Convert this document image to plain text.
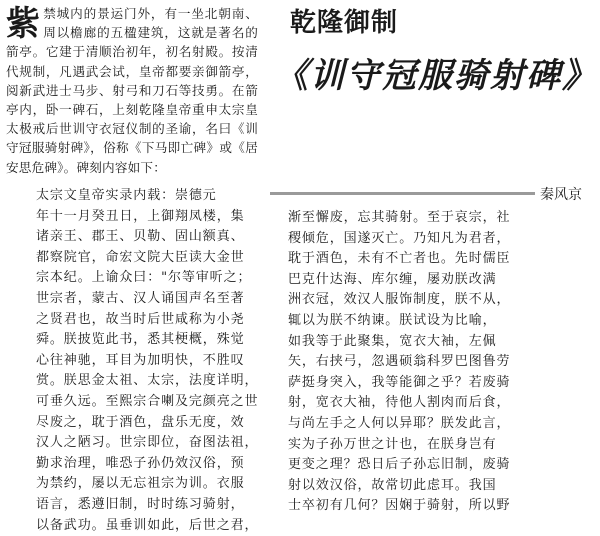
紫 禁城内的景运门外，有一坐北朝南、周以檐廊的五楹建筑，这就是著名的箭亭。它建于清顺治初年，初名射殿。按清代规制，凡遇武会试，皇帝都要亲御箭亭，阅新武进士马步、射弓和刀石等技勇。在箭亭内，卧一碑石，上刻乾隆皇帝重申太宗皇太极戒后世训守衣冠仪制的圣谕，名曰《训守冠服骑射碑》，俗称《下马即亡碑》或《居安思危碑》。碑刻内容如下：
乾隆御制
《训守冠服骑射碑》
秦风京

太宗文皇帝实录内载：崇德元

年十一月癸丑日，上御翔凤楼，集

诸亲王、郡王、贝勒、固山额真、

都察院官，命宏文院大臣读大金世

宗本纪。上谕众曰："尔等审听之；

世宗者，蒙古、汉人诵国声名至著

之贤君也，故当时后世咸称为小尧

舜。朕披览此书，悉其梗概，殊觉

心往神驰，耳目为加明快，不胜叹

赏。朕思金太祖、太宗，法度详明，

可垂久远。至熙宗合喇及完颜亮之世

尽废之，耽于酒色，盘乐无度，效

汉人之陋习。世宗即位，奋图法祖，

勤求治理，唯恐子孙仍效汉俗，预

为禁约，屡以无忘祖宗为训。衣服

语言，悉遵旧制，时时练习骑射，

以备武功。虽垂训如此，后世之君，

渐至懈废，忘其骑射。至于哀宗，社

稷倾危，国遂灭亡。乃知凡为君者，

耽于酒色，未有不亡者也。先时儒臣

巴克什达海、库尔缠，屡劝朕改满

洲衣冠，效汉人服饰制度，朕不从，

辄以为朕不纳谏。朕试设为比喻，

如我等于此聚集，宽衣大袖，左佩

矢，右挟弓，忽遇硕翁科罗巴图鲁劳

萨挺身突入，我等能御之乎？若废骑

射，宽衣大袖，待他人割肉而后食，

与尚左手之人何以异耶？朕发此言，

实为子孙万世之计也，在朕身岂有

更变之理？恐日后子孙忘旧制，废骑

射以效汉俗，故常切此虑耳。我国

士卒初有几何？因娴于骑射，所以野
